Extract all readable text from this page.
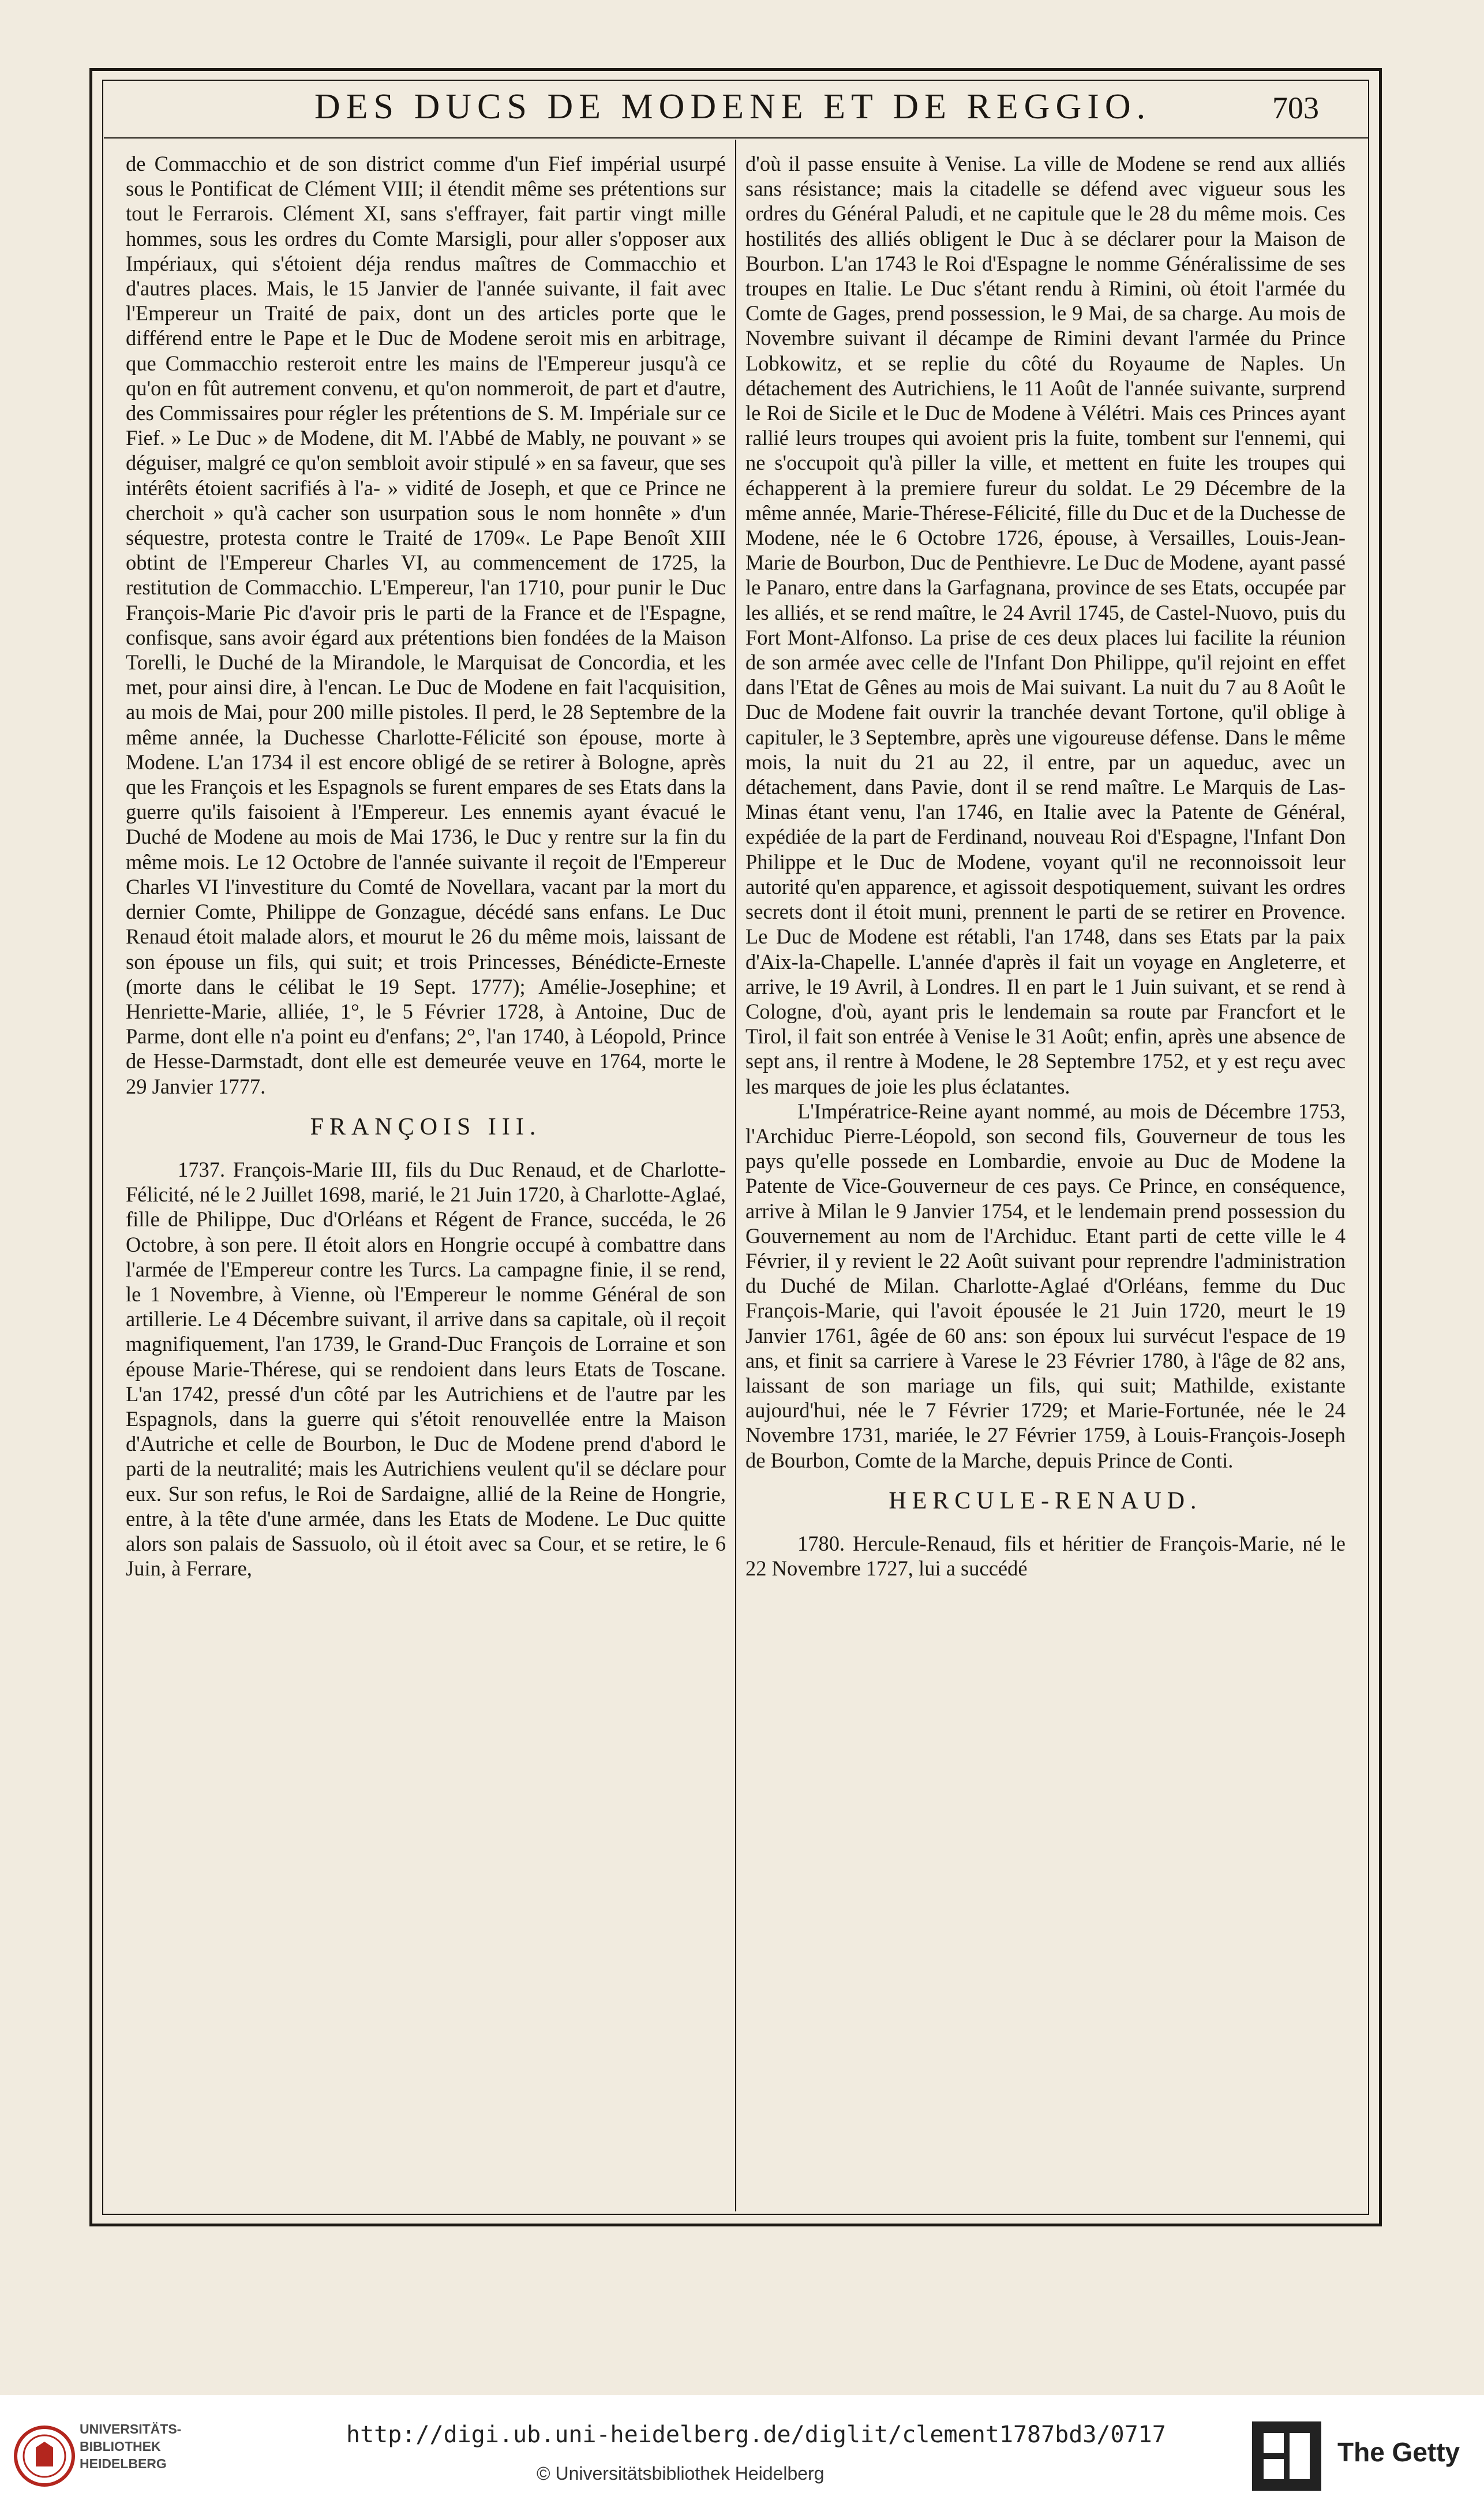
DES DUCS DE MODENE ET DE REGGIO.	703

de Commacchio et de son district comme d'un Fief impérial usurpé sous le Pontificat de Clément VIII; il étendit même ses prétentions sur tout le Ferrarois. Clément XI, sans s'effrayer, fait partir vingt mille hommes, sous les ordres du Comte Marsigli, pour aller s'opposer aux Impériaux, qui s'étoient déja rendus maîtres de Commacchio et d'autres places. Mais, le 15 Janvier de l'année suivante, il fait avec l'Empereur un Traité de paix, dont un des articles porte que le différend entre le Pape et le Duc de Modene seroit mis en arbitrage, que Commacchio resteroit entre les mains de l'Empereur jusqu'à ce qu'on en fût autrement convenu, et qu'on nommeroit, de part et d'autre, des Commissaires pour régler les prétentions de S. M. Impériale sur ce Fief. » Le Duc » de Modene, dit M. l'Abbé de Mably, ne pouvant » se déguiser, malgré ce qu'on sembloit avoir stipulé » en sa faveur, que ses intérêts étoient sacrifiés à l'a- » vidité de Joseph, et que ce Prince ne cherchoit » qu'à cacher son usurpation sous le nom honnête » d'un séquestre, protesta contre le Traité de 1709«. Le Pape Benoît XIII obtint de l'Empereur Charles VI, au commencement de 1725, la restitution de Commacchio. L'Empereur, l'an 1710, pour punir le Duc François-Marie Pic d'avoir pris le parti de la France et de l'Espagne, confisque, sans avoir égard aux prétentions bien fondées de la Maison Torelli, le Duché de la Mirandole, le Marquisat de Concordia, et les met, pour ainsi dire, à l'encan. Le Duc de Modene en fait l'acquisition, au mois de Mai, pour 200 mille pistoles. Il perd, le 28 Septembre de la même année, la Duchesse Charlotte-Félicité son épouse, morte à Modene. L'an 1734 il est encore obligé de se retirer à Bologne, après que les François et les Espagnols se furent empares de ses Etats dans la guerre qu'ils faisoient à l'Empereur. Les ennemis ayant évacué le Duché de Modene au mois de Mai 1736, le Duc y rentre sur la fin du même mois. Le 12 Octobre de l'année suivante il reçoit de l'Empereur Charles VI l'investiture du Comté de Novellara, vacant par la mort du dernier Comte, Philippe de Gonzague, décédé sans enfans. Le Duc Renaud étoit malade alors, et mourut le 26 du même mois, laissant de son épouse un fils, qui suit; et trois Princesses, Bénédicte-Erneste (morte dans le célibat le 19 Sept. 1777); Amélie-Josephine; et Henriette-Marie, alliée, 1°, le 5 Février 1728, à Antoine, Duc de Parme, dont elle n'a point eu d'enfans; 2°, l'an 1740, à Léopold, Prince de Hesse-Darmstadt, dont elle est demeurée veuve en 1764, morte le 29 Janvier 1777.

FRANÇOIS III.

1737. François-Marie III, fils du Duc Renaud, et de Charlotte-Félicité, né le 2 Juillet 1698, marié, le 21 Juin 1720, à Charlotte-Aglaé, fille de Philippe, Duc d'Orléans et Régent de France, succéda, le 26 Octobre, à son pere. Il étoit alors en Hongrie occupé à combattre dans l'armée de l'Empereur contre les Turcs. La campagne finie, il se rend, le 1 Novembre, à Vienne, où l'Empereur le nomme Général de son artillerie. Le 4 Décembre suivant, il arrive dans sa capitale, où il reçoit magnifiquement, l'an 1739, le Grand-Duc François de Lorraine et son épouse Marie-Thérese, qui se rendoient dans leurs Etats de Toscane. L'an 1742, pressé d'un côté par les Autrichiens et de l'autre par les Espagnols, dans la guerre qui s'étoit renouvellée entre la Maison d'Autriche et celle de Bourbon, le Duc de Modene prend d'abord le parti de la neutralité; mais les Autrichiens veulent qu'il se déclare pour eux. Sur son refus, le Roi de Sardaigne, allié de la Reine de Hongrie, entre, à la tête d'une armée, dans les Etats de Modene. Le Duc quitte alors son palais de Sassuolo, où il étoit avec sa Cour, et se retire, le 6 Juin, à Ferrare,

d'où il passe ensuite à Venise. La ville de Modene se rend aux alliés sans résistance; mais la citadelle se défend avec vigueur sous les ordres du Général Paludi, et ne capitule que le 28 du même mois. Ces hostilités des alliés obligent le Duc à se déclarer pour la Maison de Bourbon. L'an 1743 le Roi d'Espagne le nomme Généralissime de ses troupes en Italie. Le Duc s'étant rendu à Rimini, où étoit l'armée du Comte de Gages, prend possession, le 9 Mai, de sa charge. Au mois de Novembre suivant il décampe de Rimini devant l'armée du Prince Lobkowitz, et se replie du côté du Royaume de Naples. Un détachement des Autrichiens, le 11 Août de l'année suivante, surprend le Roi de Sicile et le Duc de Modene à Vélétri. Mais ces Princes ayant rallié leurs troupes qui avoient pris la fuite, tombent sur l'ennemi, qui ne s'occupoit qu'à piller la ville, et mettent en fuite les troupes qui échapperent à la premiere fureur du soldat. Le 29 Décembre de la même année, Marie-Thérese-Félicité, fille du Duc et de la Duchesse de Modene, née le 6 Octobre 1726, épouse, à Versailles, Louis-Jean-Marie de Bourbon, Duc de Penthievre. Le Duc de Modene, ayant passé le Panaro, entre dans la Garfagnana, province de ses Etats, occupée par les alliés, et se rend maître, le 24 Avril 1745, de Castel-Nuovo, puis du Fort Mont-Alfonso. La prise de ces deux places lui facilite la réunion de son armée avec celle de l'Infant Don Philippe, qu'il rejoint en effet dans l'Etat de Gênes au mois de Mai suivant. La nuit du 7 au 8 Août le Duc de Modene fait ouvrir la tranchée devant Tortone, qu'il oblige à capituler, le 3 Septembre, après une vigoureuse défense. Dans le même mois, la nuit du 21 au 22, il entre, par un aqueduc, avec un détachement, dans Pavie, dont il se rend maître. Le Marquis de Las-Minas étant venu, l'an 1746, en Italie avec la Patente de Général, expédiée de la part de Ferdinand, nouveau Roi d'Espagne, l'Infant Don Philippe et le Duc de Modene, voyant qu'il ne reconnoissoit leur autorité qu'en apparence, et agissoit despotiquement, suivant les ordres secrets dont il étoit muni, prennent le parti de se retirer en Provence. Le Duc de Modene est rétabli, l'an 1748, dans ses Etats par la paix d'Aix-la-Chapelle. L'année d'après il fait un voyage en Angleterre, et arrive, le 19 Avril, à Londres. Il en part le 1 Juin suivant, et se rend à Cologne, d'où, ayant pris le lendemain sa route par Francfort et le Tirol, il fait son entrée à Venise le 31 Août; enfin, après une absence de sept ans, il rentre à Modene, le 28 Septembre 1752, et y est reçu avec les marques de joie les plus éclatantes.

L'Impératrice-Reine ayant nommé, au mois de Décembre 1753, l'Archiduc Pierre-Léopold, son second fils, Gouverneur de tous les pays qu'elle possede en Lombardie, envoie au Duc de Modene la Patente de Vice-Gouverneur de ces pays. Ce Prince, en conséquence, arrive à Milan le 9 Janvier 1754, et le lendemain prend possession du Gouvernement au nom de l'Archiduc. Etant parti de cette ville le 4 Février, il y revient le 22 Août suivant pour reprendre l'administration du Duché de Milan. Charlotte-Aglaé d'Orléans, femme du Duc François-Marie, qui l'avoit épousée le 21 Juin 1720, meurt le 19 Janvier 1761, âgée de 60 ans: son époux lui survécut l'espace de 19 ans, et finit sa carriere à Varese le 23 Février 1780, à l'âge de 82 ans, laissant de son mariage un fils, qui suit; Mathilde, existante aujourd'hui, née le 7 Février 1729; et Marie-Fortunée, née le 24 Novembre 1731, mariée, le 27 Février 1759, à Louis-François-Joseph de Bourbon, Comte de la Marche, depuis Prince de Conti.

HERCULE-RENAUD.

1780. Hercule-Renaud, fils et héritier de François-Marie, né le 22 Novembre 1727, lui a succédé

UNIVERSITÄTS-
BIBLIOTHEK
HEIDELBERG
http://digi.ub.uni-heidelberg.de/diglit/clement1787bd3/0717
© Universitätsbibliothek Heidelberg
The Getty
